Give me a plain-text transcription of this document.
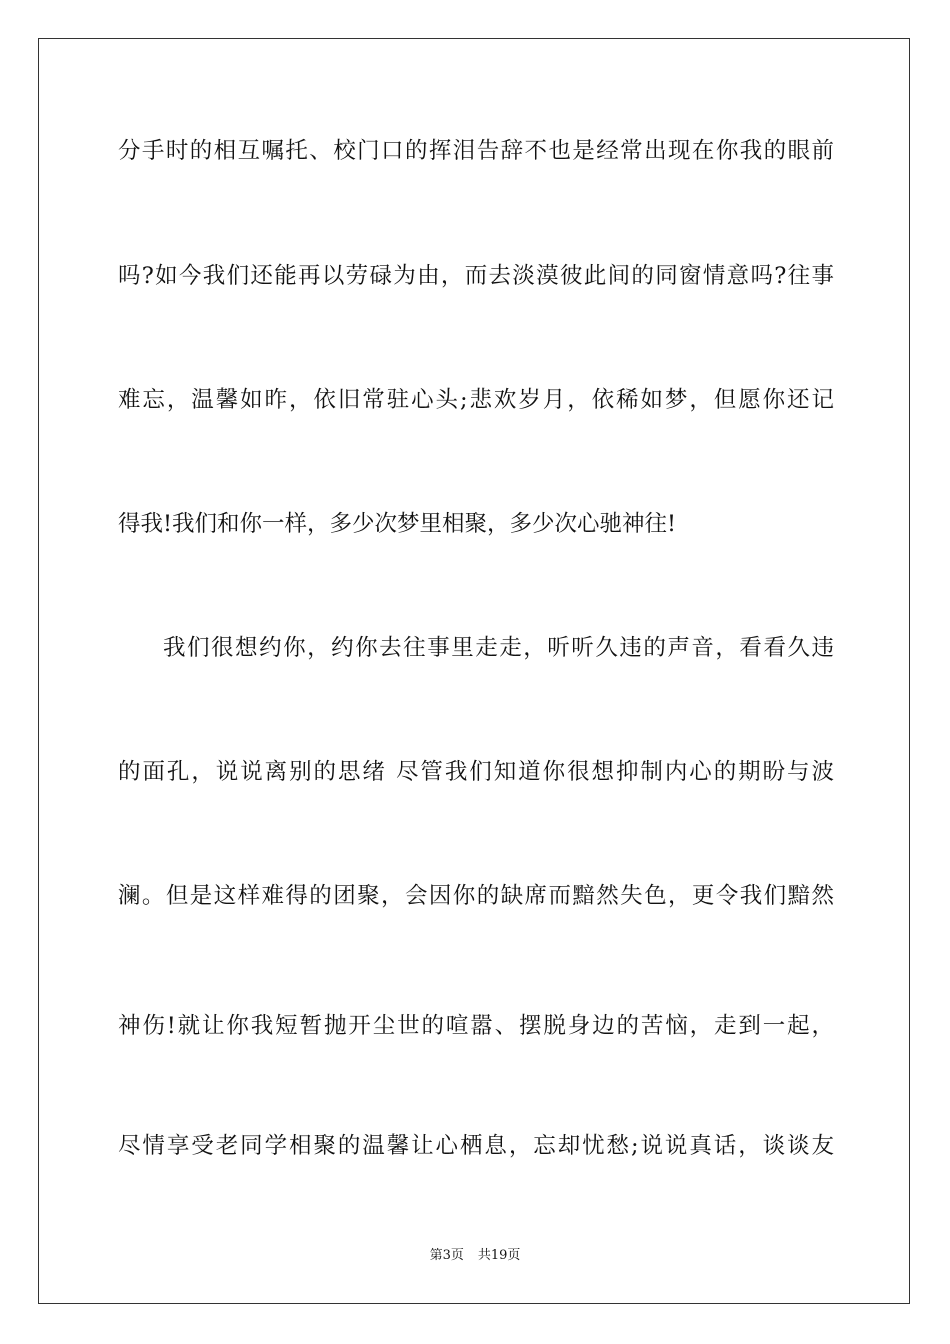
分手时的相互嘱托、校门口的挥泪告辞不也是经常出现在你我的眼前
吗?如今我们还能再以劳碌为由，而去淡漠彼此间的同窗情意吗?往事
难忘，温馨如昨，依旧常驻心头;悲欢岁月，依稀如梦，但愿你还记
得我!我们和你一样，多少次梦里相聚，多少次心驰神往!
我们很想约你，约你去往事里走走，听听久违的声音，看看久违
的面孔，说说离别的思绪 尽管我们知道你很想抑制内心的期盼与波
澜。但是这样难得的团聚，会因你的缺席而黯然失色，更令我们黯然
神伤!就让你我短暂抛开尘世的喧嚣、摆脱身边的苦恼，走到一起，
尽情享受老同学相聚的温馨让心栖息，忘却忧愁;说说真话，谈谈友
第3页 共19页
